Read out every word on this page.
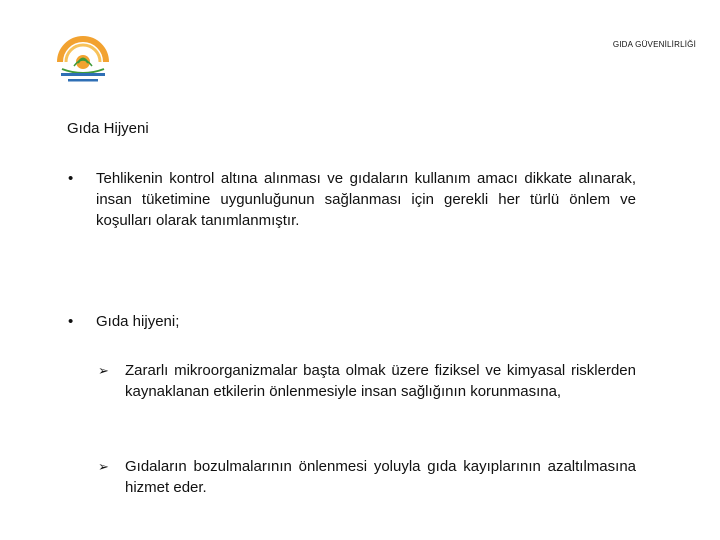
GIDA GÜVENİLİRLİĞİ
Gıda Hijyeni
•	Tehlikenin kontrol altına alınması ve gıdaların kullanım amacı dikkate alınarak, insan tüketimine uygunluğunun sağlanması için gerekli her türlü önlem ve koşulları olarak tanımlanmıştır.
•	Gıda hijyeni;
➢ Zararlı mikroorganizmalar başta olmak üzere fiziksel ve kimyasal risklerden kaynaklanan etkilerin önlenmesiyle insan sağlığının korunmasına,
➢ Gıdaların bozulmalarının önlenmesi yoluyla gıda kayıplarının azaltılmasına hizmet eder.
